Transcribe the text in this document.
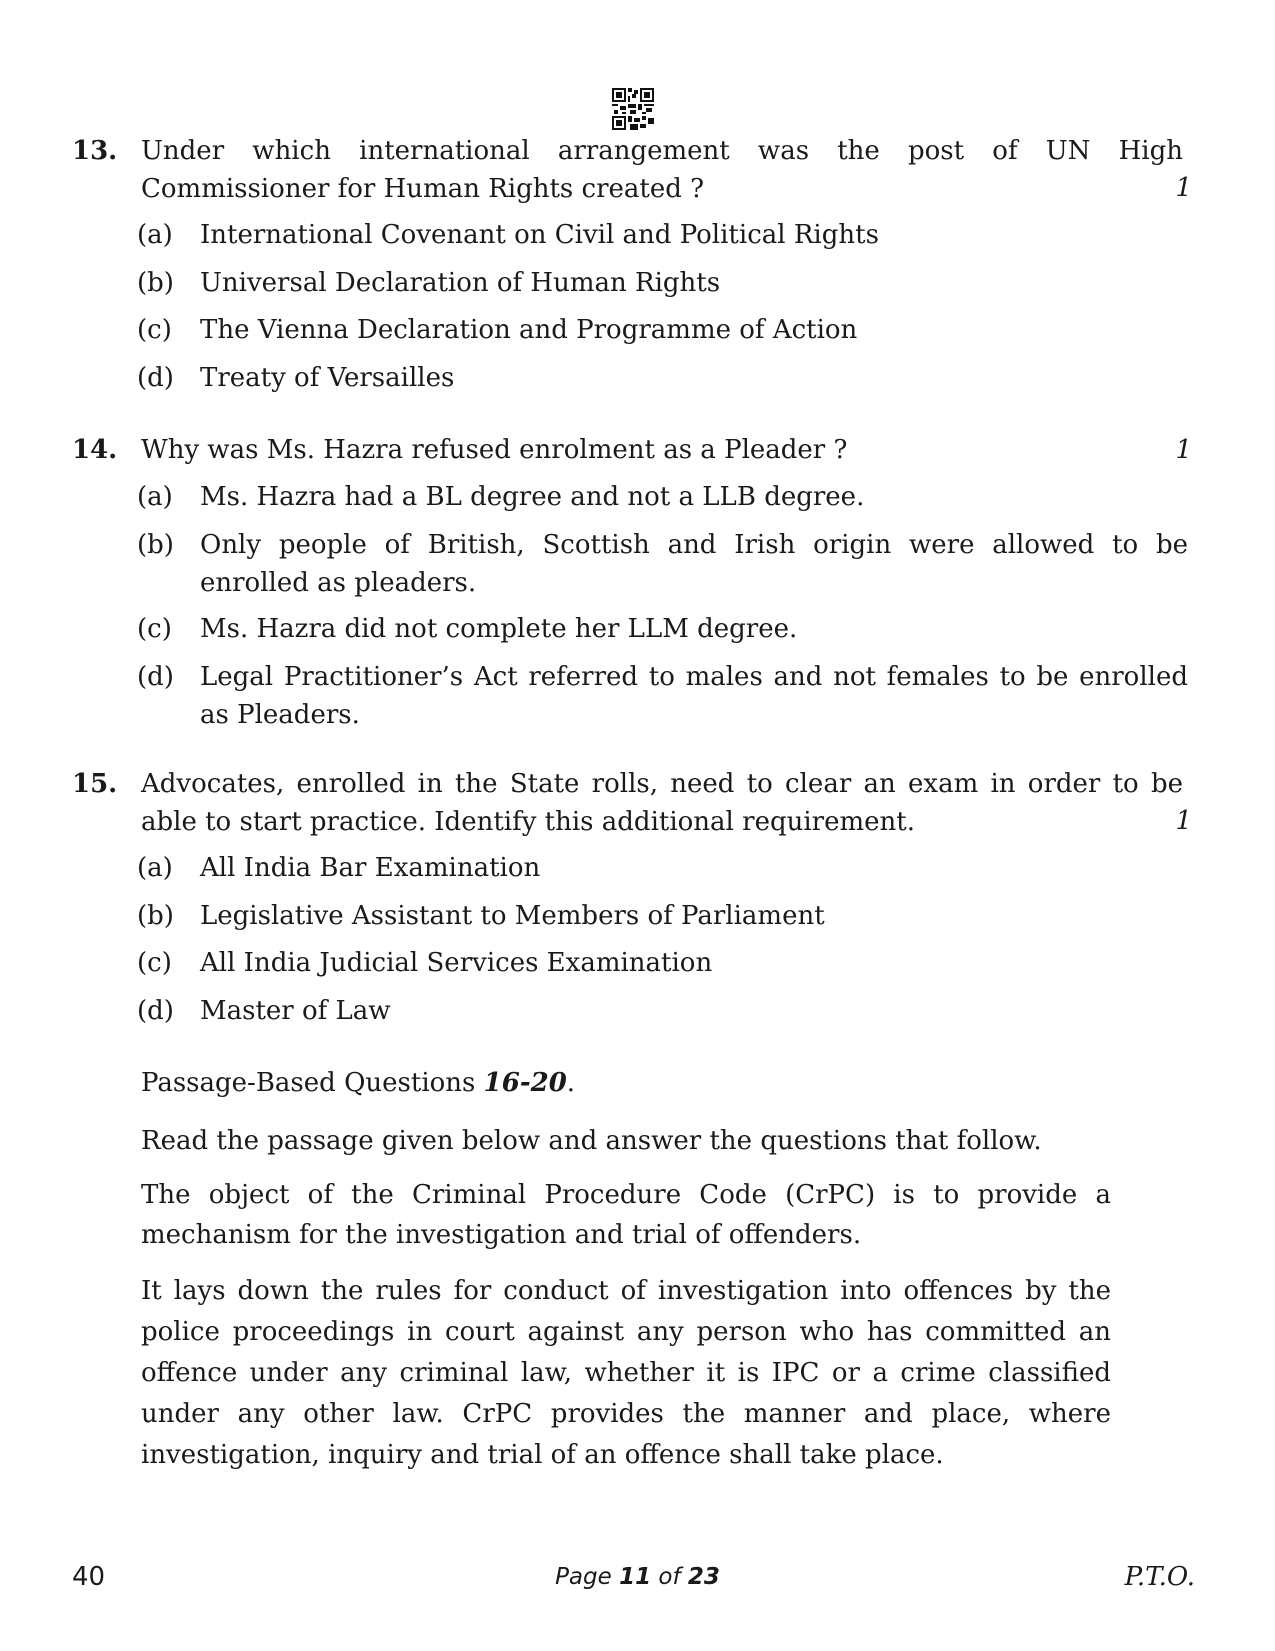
13. Under which international arrangement was the post of UN High Commissioner for Human Rights created ?	1
(a) International Covenant on Civil and Political Rights
(b) Universal Declaration of Human Rights
(c) The Vienna Declaration and Programme of Action
(d) Treaty of Versailles
14. Why was Ms. Hazra refused enrolment as a Pleader ?	1
(a) Ms. Hazra had a BL degree and not a LLB degree.
(b) Only people of British, Scottish and Irish origin were allowed to be enrolled as pleaders.
(c) Ms. Hazra did not complete her LLM degree.
(d) Legal Practitioner’s Act referred to males and not females to be enrolled as Pleaders.
15. Advocates, enrolled in the State rolls, need to clear an exam in order to be able to start practice. Identify this additional requirement.	1
(a) All India Bar Examination
(b) Legislative Assistant to Members of Parliament
(c) All India Judicial Services Examination
(d) Master of Law
Passage-Based Questions 16-20.
Read the passage given below and answer the questions that follow.
The object of the Criminal Procedure Code (CrPC) is to provide a mechanism for the investigation and trial of offenders.
It lays down the rules for conduct of investigation into offences by the police proceedings in court against any person who has committed an offence under any criminal law, whether it is IPC or a crime classified under any other law. CrPC provides the manner and place, where investigation, inquiry and trial of an offence shall take place.
40	Page 11 of 23	P.T.O.
